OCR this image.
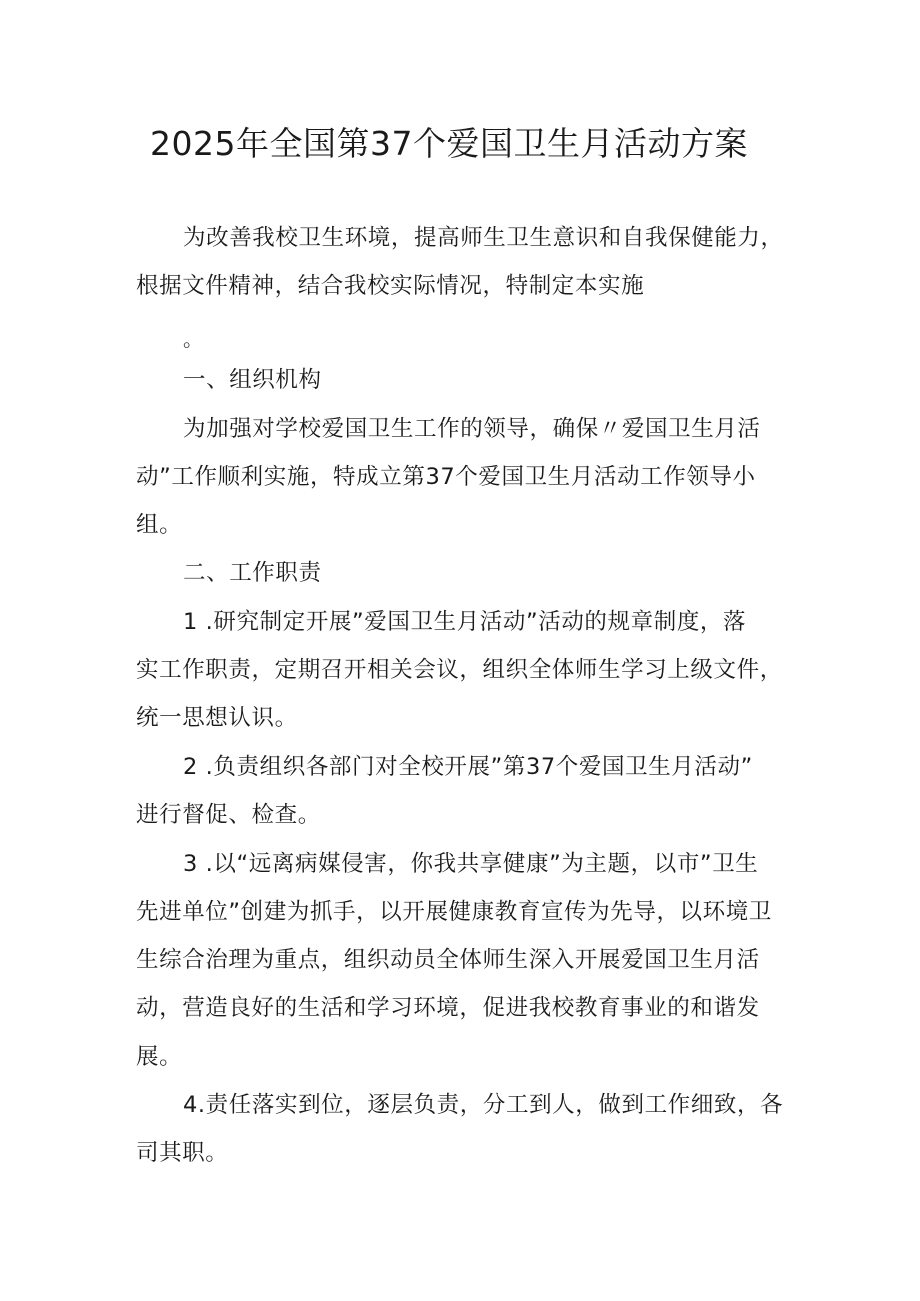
2025年全国第37个爱国卫生月活动方案
为改善我校卫生环境，提高师生卫生意识和自我保健能力，
根据文件精神，结合我校实际情况，特制定本实施
。
一、组织机构
为加强对学校爱国卫生工作的领导，确保〃爱国卫生月活
动”工作顺利实施，特成立第37个爱国卫生月活动工作领导小
组。
二、工作职责
1 .研究制定开展”爱国卫生月活动”活动的规章制度，落
实工作职责，定期召开相关会议，组织全体师生学习上级文件，
统一思想认识。
2 .负责组织各部门对全校开展”第37个爱国卫生月活动”
进行督促、检查。
3 .以“远离病媒侵害，你我共享健康”为主题，以市”卫生
先进单位”创建为抓手，以开展健康教育宣传为先导，以环境卫
生综合治理为重点，组织动员全体师生深入开展爱国卫生月活
动，营造良好的生活和学习环境，促进我校教育事业的和谐发
展。
4.责任落实到位，逐层负责，分工到人，做到工作细致，各
司其职。
